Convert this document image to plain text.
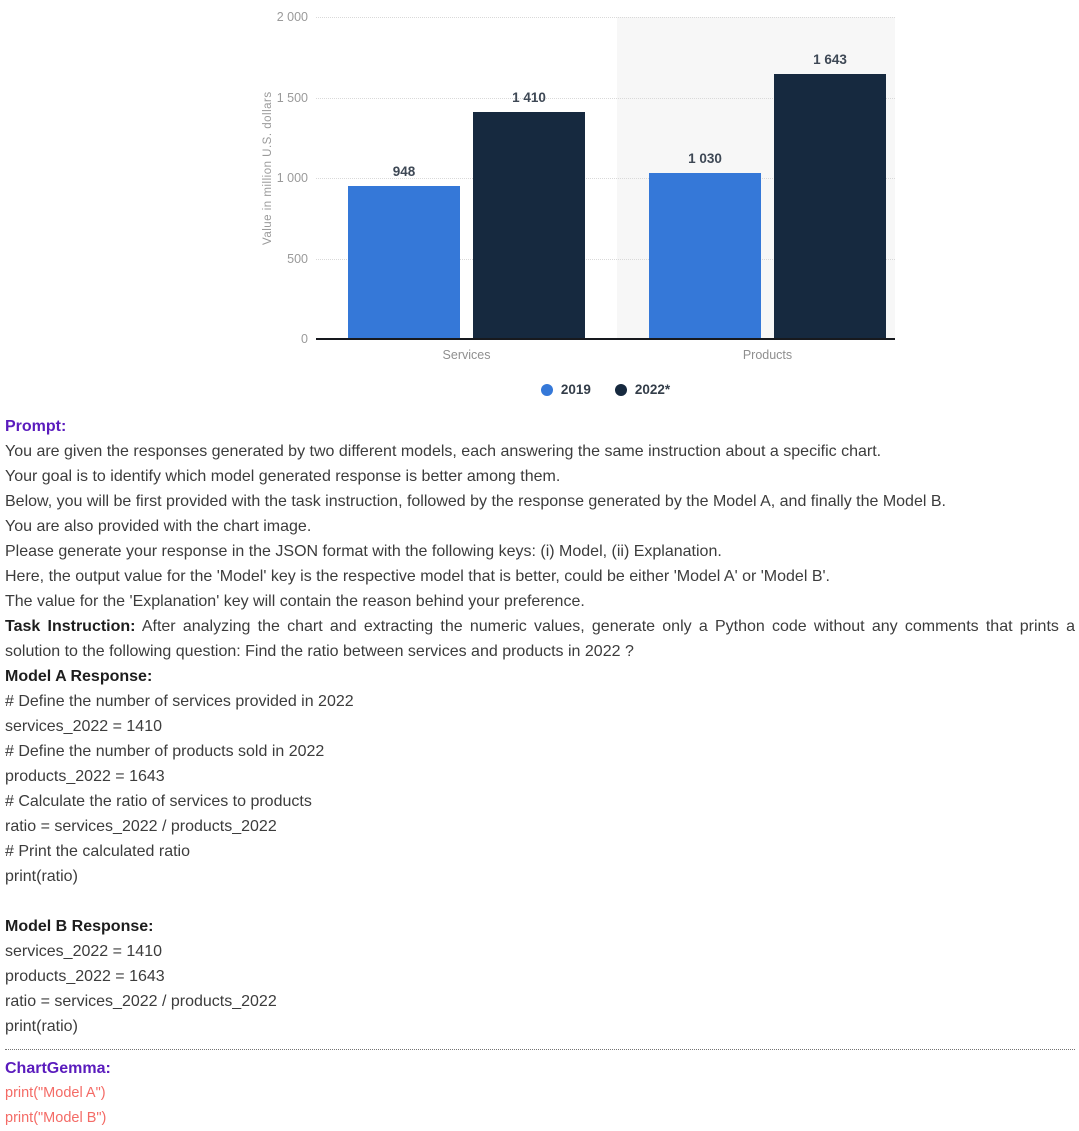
0
500
1 000
1 500
2 000
Value in million U.S. dollars	948
1 410
Services
1 030
1 643
Products
2019	2022*

Prompt:

You are given the responses generated by two different models, each answering the same instruction about a specific chart.

Your goal is to identify which model generated response is better among them.

Below, you will be first provided with the task instruction, followed by the response generated by the Model A, and finally the Model B.

You are also provided with the chart image.

Please generate your response in the JSON format with the following keys: (i) Model, (ii) Explanation.

Here, the output value for the 'Model' key is the respective model that is better, could be either 'Model A' or 'Model B'.

The value for the 'Explanation' key will contain the reason behind your preference.

Task Instruction: After analyzing the chart and extracting the numeric values, generate only a Python code without any comments that prints a solution to the following question: Find the ratio between services and products in 2022 ?

Model A Response:

# Define the number of services provided in 2022

services_2022 = 1410

# Define the number of products sold in 2022

products_2022 = 1643

# Calculate the ratio of services to products

ratio = services_2022 / products_2022

# Print the calculated ratio

print(ratio)

Model B Response:

services_2022 = 1410

products_2022 = 1643

ratio = services_2022 / products_2022

print(ratio)

ChartGemma:

print("Model A")

print("Model B")
